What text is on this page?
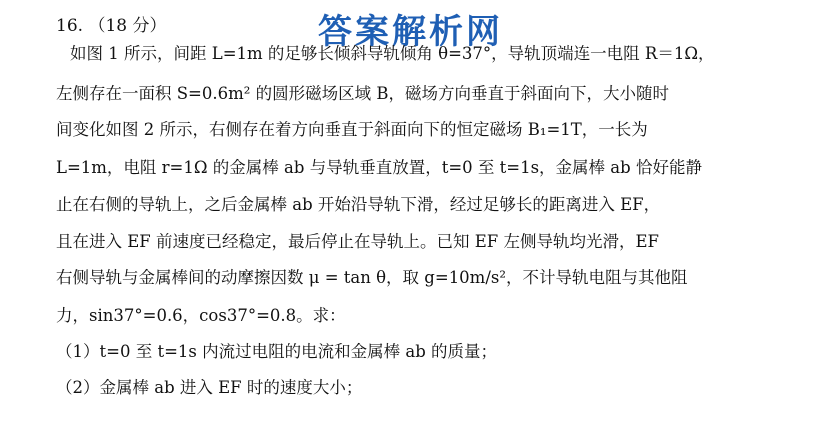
答案解析网
16. （18 分）
如图 1 所示，间距 L=1m 的足够长倾斜导轨倾角 θ=37°，导轨顶端连一电阻 R＝1Ω，
左侧存在一面积 S=0.6m² 的圆形磁场区域 B，磁场方向垂直于斜面向下，大小随时
间变化如图 2 所示，右侧存在着方向垂直于斜面向下的恒定磁场 B₁=1T，一长为
L=1m，电阻 r=1Ω 的金属棒 ab 与导轨垂直放置，t=0 至 t=1s，金属棒 ab 恰好能静
止在右侧的导轨上，之后金属棒 ab 开始沿导轨下滑，经过足够长的距离进入 EF，
且在进入 EF 前速度已经稳定，最后停止在导轨上。已知 EF 左侧导轨均光滑，EF
右侧导轨与金属棒间的动摩擦因数 μ = tan θ，取 g=10m/s²，不计导轨电阻与其他阻
力，sin37°=0.6，cos37°=0.8。求：
（1）t=0 至 t=1s 内流过电阻的电流和金属棒 ab 的质量；
（2）金属棒 ab 进入 EF 时的速度大小；
